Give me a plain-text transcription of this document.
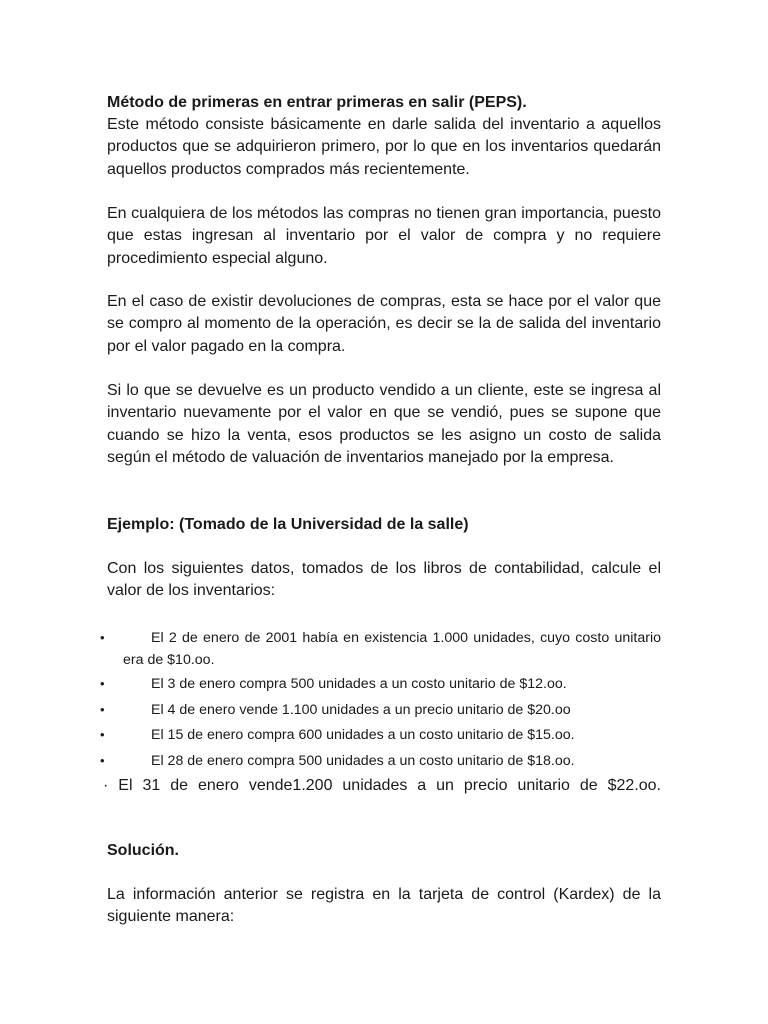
Método de primeras en entrar primeras en salir (PEPS).
Este método consiste básicamente en darle salida del inventario a aquellos productos que se adquirieron primero, por lo que en los inventarios quedarán aquellos productos comprados más recientemente.
En cualquiera de los métodos las compras no tienen gran importancia, puesto que estas ingresan al inventario por el valor de compra y no requiere procedimiento especial alguno.
En el caso de existir devoluciones de compras, esta se hace por el valor que se compro al momento de la operación, es decir se la de salida del inventario por el valor pagado en la compra.
Si lo que se devuelve es un producto vendido a un cliente, este se ingresa al inventario nuevamente por el valor en que se vendió, pues se supone que cuando se hizo la venta, esos productos se les asigno un costo de salida según el método de valuación de inventarios manejado por la empresa.
Ejemplo: (Tomado de la Universidad de la salle)
Con los siguientes datos, tomados de los libros de contabilidad, calcule el valor de los inventarios:
•	El 2 de enero de 2001 había en existencia 1.000 unidades, cuyo costo unitario era de $10.oo.
•	El 3 de enero compra 500 unidades a un costo unitario de $12.oo.
•	El 4 de enero vende 1.100 unidades a un precio unitario de $20.oo
•	El 15 de enero compra 600 unidades a un costo unitario de $15.oo.
•	El 28 de enero compra 500 unidades a un costo unitario de $18.oo.
· El 31 de enero vende1.200 unidades a un precio unitario de $22.oo.
Solución.
La información anterior se registra en la tarjeta de control (Kardex) de la siguiente manera:
